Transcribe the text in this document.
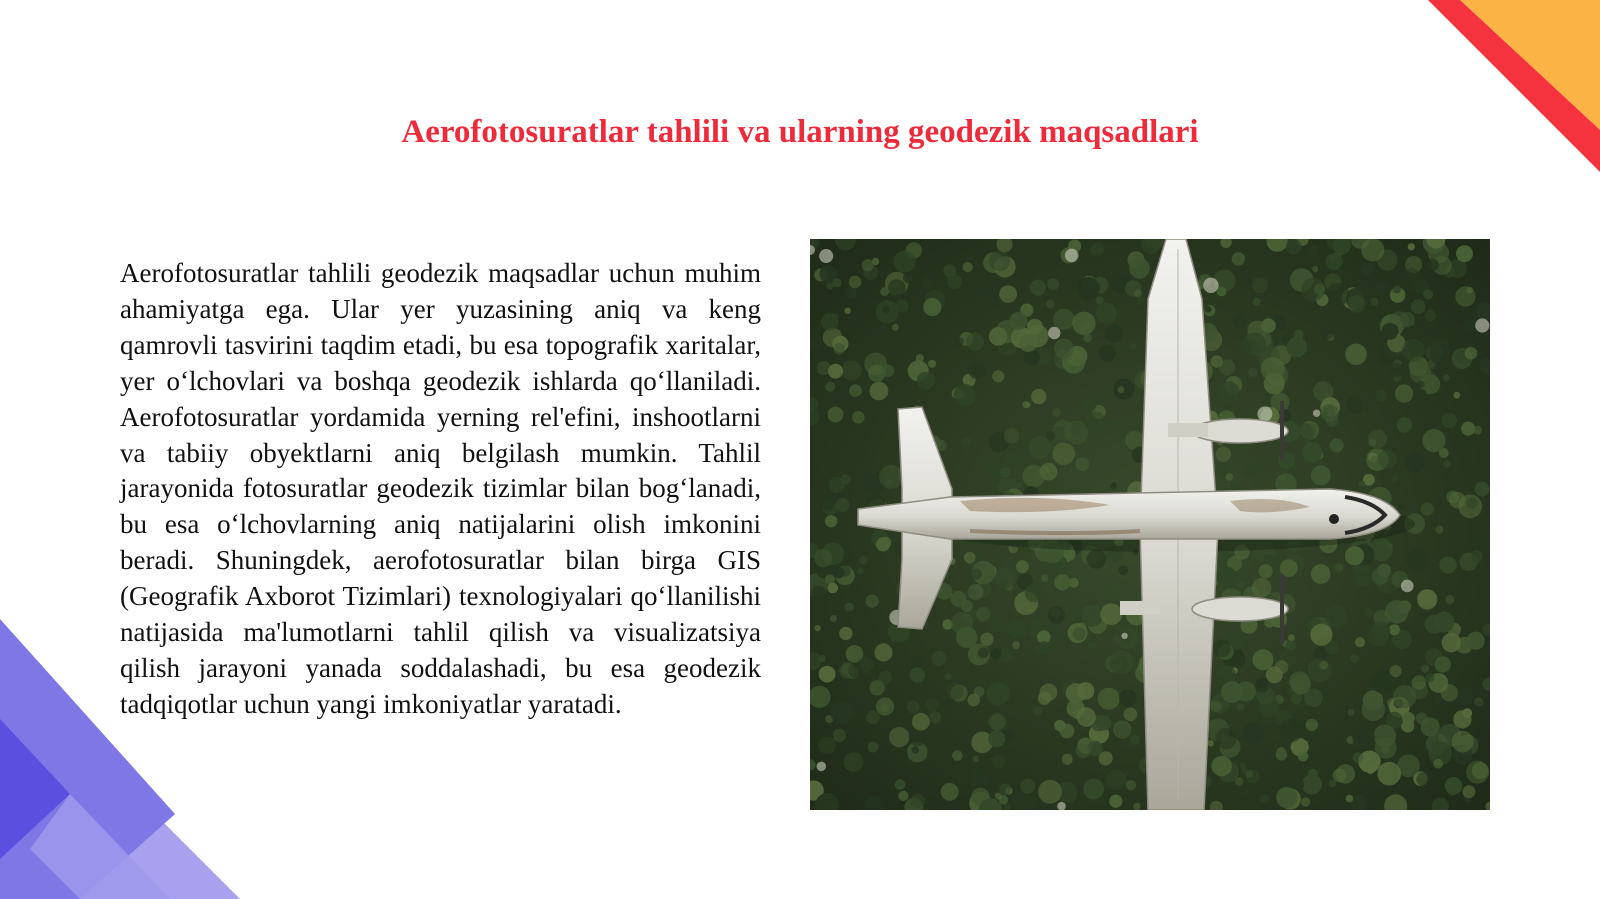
Aerofotosuratlar tahlili va ularning geodezik maqsadlari

Aerofotosuratlar tahlili geodezik maqsadlar uchun muhim ahamiyatga ega. Ular yer yuzasining aniq va keng qamrovli tasvirini taqdim etadi, bu esa topografik xaritalar, yer o‘lchovlari va boshqa geodezik ishlarda qo‘llaniladi. Aerofotosuratlar yordamida yerning rel'efini, inshootlarni va tabiiy obyektlarni aniq belgilash mumkin. Tahlil jarayonida fotosuratlar geodezik tizimlar bilan bog‘lanadi, bu esa o‘lchovlarning aniq natijalarini olish imkonini beradi. Shuningdek, aerofotosuratlar bilan birga GIS (Geografik Axborot Tizimlari) texnologiyalari qo‘llanilishi natijasida ma'lumotlarni tahlil qilish va visualizatsiya qilish jarayoni yanada soddalashadi, bu esa geodezik tadqiqotlar uchun yangi imkoniyatlar yaratadi.
